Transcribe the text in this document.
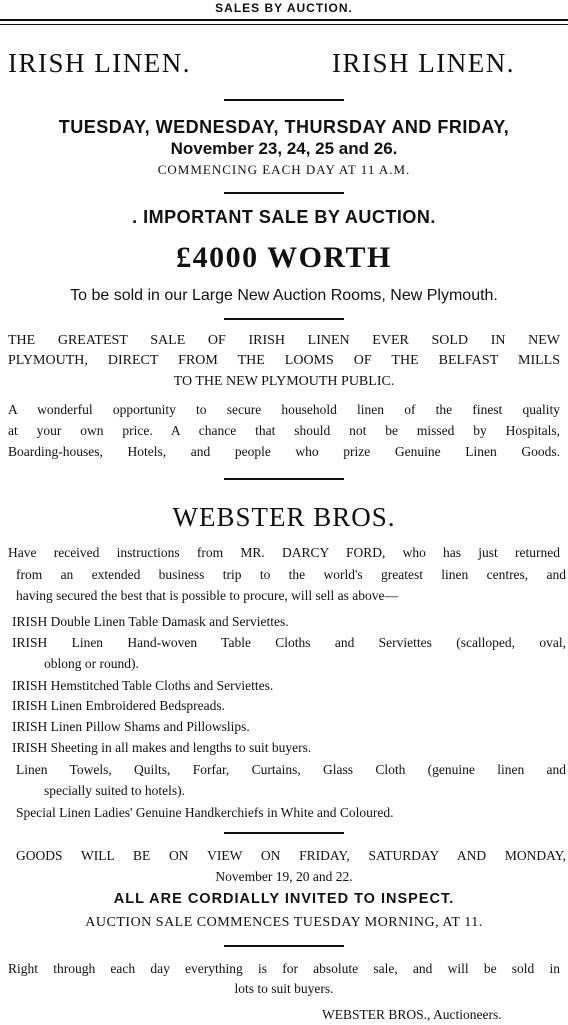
SALES BY AUCTION.
IRISH LINEN.	IRISH LINEN.
TUESDAY, WEDNESDAY, THURSDAY AND FRIDAY,
November 23, 24, 25 and 26.
COMMENCING EACH DAY AT 11 A.M.
. IMPORTANT SALE BY AUCTION.
£4000 WORTH
To be sold in our Large New Auction Rooms, New Plymouth.
THE GREATEST SALE OF IRISH LINEN EVER SOLD IN NEW
PLYMOUTH, DIRECT FROM THE LOOMS OF THE BELFAST MILLS
TO THE NEW PLYMOUTH PUBLIC.
A wonderful opportunity to secure household linen of the finest quality
at your own price. A chance that should not be missed by Hospitals,
Boarding-houses, Hotels, and people who prize Genuine Linen Goods.
WEBSTER BROS.
Have received instructions from MR. DARCY FORD, who has just returned
from an extended business trip to the world's greatest linen centres, and
having secured the best that is possible to procure, will sell as above—
IRISH Double Linen Table Damask and Serviettes.
IRISH Linen Hand-woven Table Cloths and Serviettes (scalloped, oval,
oblong or round).
IRISH Hemstitched Table Cloths and Serviettes.
IRISH Linen Embroidered Bedspreads.
IRISH Linen Pillow Shams and Pillowslips.
IRISH Sheeting in all makes and lengths to suit buyers.
Linen Towels, Quilts, Forfar, Curtains, Glass Cloth (genuine linen and
specially suited to hotels).
Special Linen Ladies' Genuine Handkerchiefs in White and Coloured.
GOODS WILL BE ON VIEW ON FRIDAY, SATURDAY AND MONDAY,
November 19, 20 and 22.
ALL ARE CORDIALLY INVITED TO INSPECT.
AUCTION SALE COMMENCES TUESDAY MORNING, AT 11.
Right through each day everything is for absolute sale, and will be sold in
lots to suit buyers.
WEBSTER BROS., Auctioneers.
